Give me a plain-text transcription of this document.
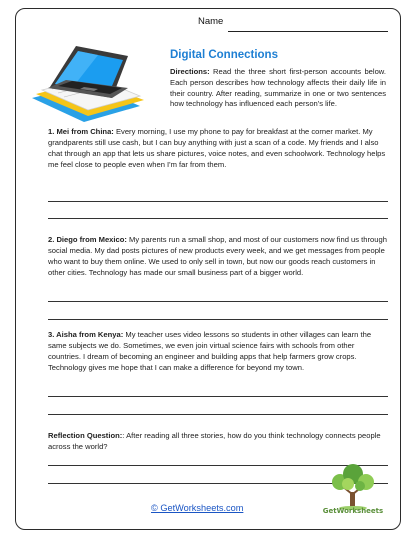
Name
Digital Connections
Directions: Read the three short first-person accounts below. Each person describes how technology affects their daily life in their country. After reading, summarize in one or two sentences how technology has influenced each person's life.
1. Mei from China: Every morning, I use my phone to pay for breakfast at the corner market. My grandparents still use cash, but I can buy anything with just a scan of a code. My friends and I also chat through an app that lets us share pictures, voice notes, and even schoolwork. Technology helps me feel close to people even when I'm far from them.
2. Diego from Mexico: My parents run a small shop, and most of our customers now find us through social media. My dad posts pictures of new products every week, and we get messages from people who want to buy them online. We used to only sell in town, but now our goods reach customers in other cities. Technology has made our small business part of a bigger world.
3. Aisha from Kenya: My teacher uses video lessons so students in other villages can learn the same subjects we do. Sometimes, we even join virtual science fairs with schools from other countries. I dream of becoming an engineer and building apps that help farmers grow crops. Technology gives me hope that I can make a difference for beyond my town.
Reflection Question:: After reading all three stories, how do you think technology connects people across the world?
© GetWorksheets.com	GetWorksheets
